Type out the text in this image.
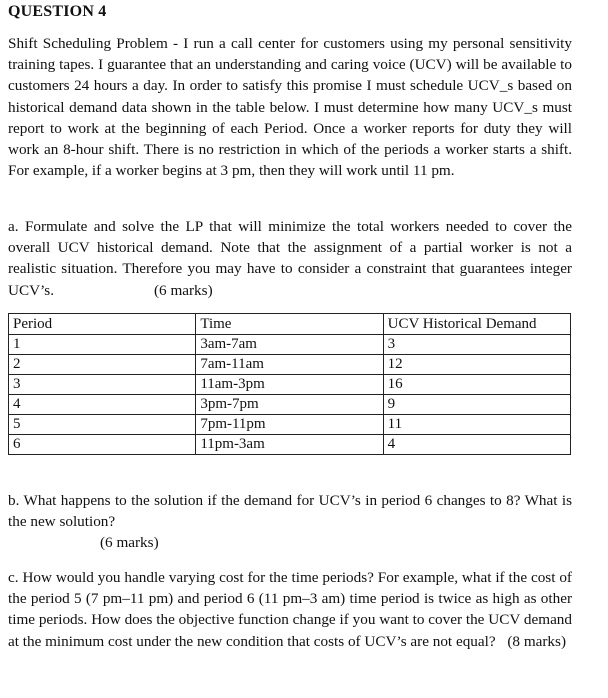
QUESTION 4

Shift Scheduling Problem - I run a call center for customers using my personal sensitivity training tapes. I guarantee that an understanding and caring voice (UCV) will be available to customers 24 hours a day. In order to satisfy this promise I must schedule UCV_s based on historical demand data shown in the table below. I must determine how many UCV_s must report to work at the beginning of each Period. Once a worker reports for duty they will work an 8-hour shift. There is no restriction in which of the periods a worker starts a shift. For example, if a worker begins at 3 pm, then they will work until 11 pm.

a. Formulate and solve the LP that will minimize the total workers needed to cover the overall UCV historical demand. Note that the assignment of a partial worker is not a realistic situation. Therefore you may have to consider a constraint that guarantees integer UCV’s.	(6 marks)

Period	Time	UCV Historical Demand
1	3am-7am	3
2	7am-11am	12
3	11am-3pm	16
4	3pm-7pm	9
5	7pm-11pm	11
6	11pm-3am	4

b. What happens to the solution if the demand for UCV’s in period 6 changes to 8? What is the new solution?

(6 marks)

c. How would you handle varying cost for the time periods? For example, what if the cost of the period 5 (7 pm–11 pm) and period 6 (11 pm–3 am) time period is twice as high as other time periods. How does the objective function change if you want to cover the UCV demand at the minimum cost under the new condition that costs of UCV’s are not equal? (8 marks)
